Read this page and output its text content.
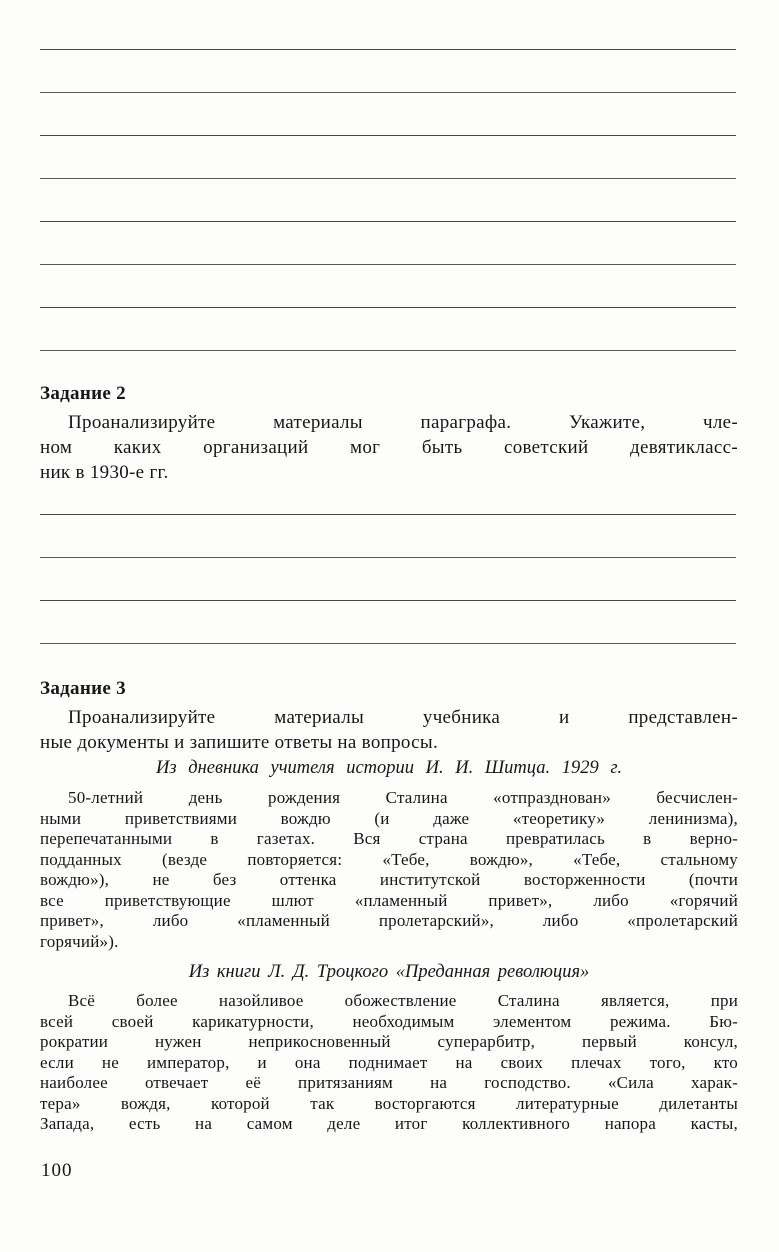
Задание 2
Проанализируйте материалы параграфа. Укажите, чле-
ном каких организаций мог быть советский девятикласс-
ник в 1930-е гг.
Задание 3
Проанализируйте материалы учебника и представлен-
ные документы и запишите ответы на вопросы.
Из дневника учителя истории И. И. Шитца. 1929 г.
50-летний день рождения Сталина «отпразднован» бесчислен-
ными приветствиями вождю (и даже «теоретику» ленинизма),
перепечатанными в газетах. Вся страна превратилась в верно-
подданных (везде повторяется: «Тебе, вождю», «Тебе, стальному
вождю»), не без оттенка институтской восторженности (почти
все приветствующие шлют «пламенный привет», либо «горячий
привет», либо «пламенный пролетарский», либо «пролетарский
горячий»).
Из книги Л. Д. Троцкого «Преданная революция»
Всё более назойливое обожествление Сталина является, при
всей своей карикатурности, необходимым элементом режима. Бю-
рократии нужен неприкосновенный суперарбитр, первый консул,
если не император, и она поднимает на своих плечах того, кто
наиболее отвечает её притязаниям на господство. «Сила харак-
тера» вождя, которой так восторгаются литературные дилетанты
Запада, есть на самом деле итог коллективного напора касты,
100
